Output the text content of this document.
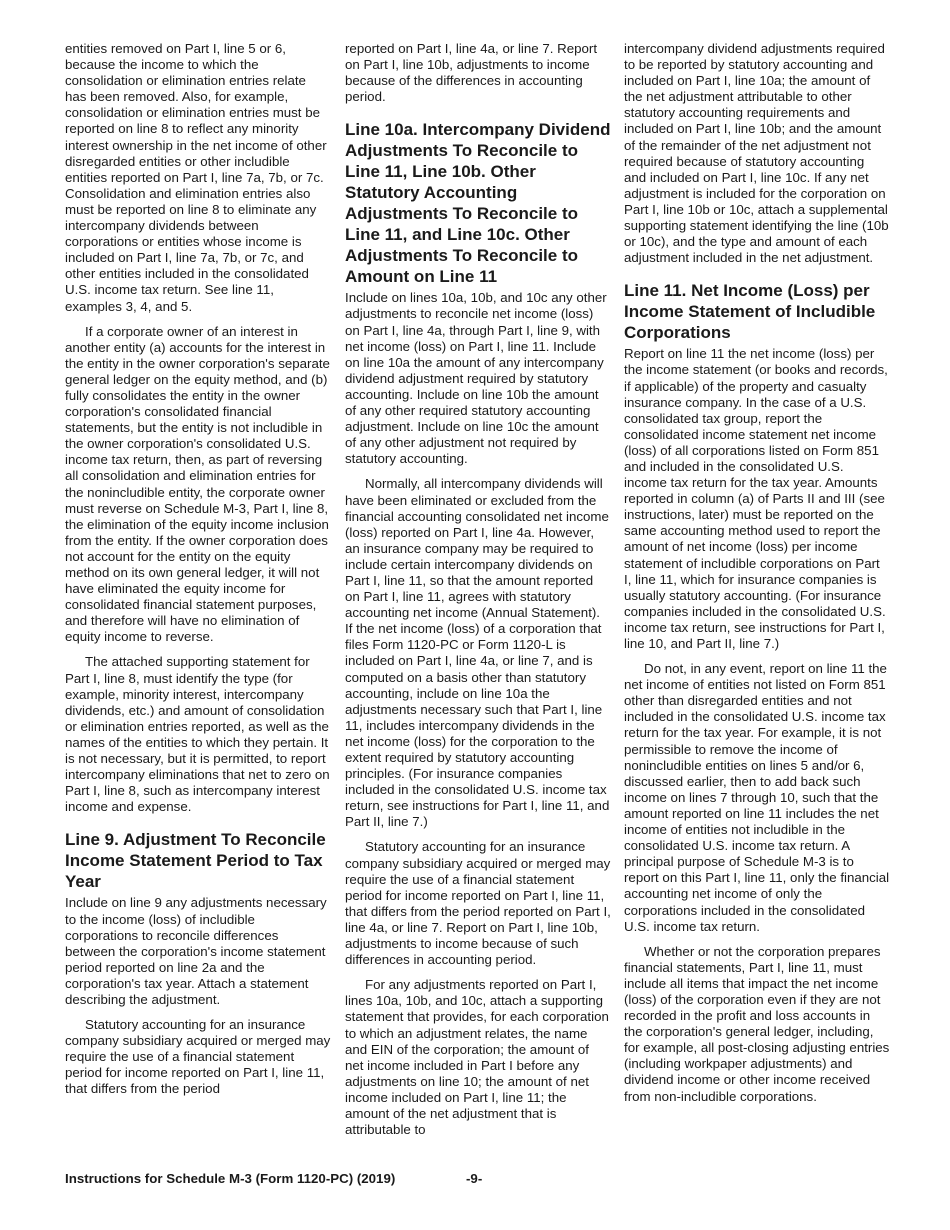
entities removed on Part I, line 5 or 6, because the income to which the consolidation or elimination entries relate has been removed. Also, for example, consolidation or elimination entries must be reported on line 8 to reflect any minority interest ownership in the net income of other disregarded entities or other includible entities reported on Part I, line 7a, 7b, or 7c. Consolidation and elimination entries also must be reported on line 8 to eliminate any intercompany dividends between corporations or entities whose income is included on Part I, line 7a, 7b, or 7c, and other entities included in the consolidated U.S. income tax return. See line 11, examples 3, 4, and 5.

If a corporate owner of an interest in another entity (a) accounts for the interest in the entity in the owner corporation's separate general ledger on the equity method, and (b) fully consolidates the entity in the owner corporation's consolidated financial statements, but the entity is not includible in the owner corporation's consolidated U.S. income tax return, then, as part of reversing all consolidation and elimination entries for the nonincludible entity, the corporate owner must reverse on Schedule M-3, Part I, line 8, the elimination of the equity income inclusion from the entity. If the owner corporation does not account for the entity on the equity method on its own general ledger, it will not have eliminated the equity income for consolidated financial statement purposes, and therefore will have no elimination of equity income to reverse.

The attached supporting statement for Part I, line 8, must identify the type (for example, minority interest, intercompany dividends, etc.) and amount of consolidation or elimination entries reported, as well as the names of the entities to which they pertain. It is not necessary, but it is permitted, to report intercompany eliminations that net to zero on Part I, line 8, such as intercompany interest income and expense.

Line 9. Adjustment To Reconcile Income Statement Period to Tax Year

Include on line 9 any adjustments necessary to the income (loss) of includible corporations to reconcile differences between the corporation's income statement period reported on line 2a and the corporation's tax year. Attach a statement describing the adjustment.

Statutory accounting for an insurance company subsidiary acquired or merged may require the use of a financial statement period for income reported on Part I, line 11, that differs from the period

reported on Part I, line 4a, or line 7. Report on Part I, line 10b, adjustments to income because of the differences in accounting period.

Line 10a. Intercompany Dividend Adjustments To Reconcile to Line 11, Line 10b. Other Statutory Accounting Adjustments To Reconcile to Line 11, and Line 10c. Other Adjustments To Reconcile to Amount on Line 11

Include on lines 10a, 10b, and 10c any other adjustments to reconcile net income (loss) on Part I, line 4a, through Part I, line 9, with net income (loss) on Part I, line 11. Include on line 10a the amount of any intercompany dividend adjustment required by statutory accounting. Include on line 10b the amount of any other required statutory accounting adjustment. Include on line 10c the amount of any other adjustment not required by statutory accounting.

Normally, all intercompany dividends will have been eliminated or excluded from the financial accounting consolidated net income (loss) reported on Part I, line 4a. However, an insurance company may be required to include certain intercompany dividends on Part I, line 11, so that the amount reported on Part I, line 11, agrees with statutory accounting net income (Annual Statement). If the net income (loss) of a corporation that files Form 1120-PC or Form 1120-L is included on Part I, line 4a, or line 7, and is computed on a basis other than statutory accounting, include on line 10a the adjustments necessary such that Part I, line 11, includes intercompany dividends in the net income (loss) for the corporation to the extent required by statutory accounting principles. (For insurance companies included in the consolidated U.S. income tax return, see instructions for Part I, line 11, and Part II, line 7.)

Statutory accounting for an insurance company subsidiary acquired or merged may require the use of a financial statement period for income reported on Part I, line 11, that differs from the period reported on Part I, line 4a, or line 7. Report on Part I, line 10b, adjustments to income because of such differences in accounting period.

For any adjustments reported on Part I, lines 10a, 10b, and 10c, attach a supporting statement that provides, for each corporation to which an adjustment relates, the name and EIN of the corporation; the amount of net income included in Part I before any adjustments on line 10; the amount of net income included on Part I, line 11; the amount of the net adjustment that is attributable to

intercompany dividend adjustments required to be reported by statutory accounting and included on Part I, line 10a; the amount of the net adjustment attributable to other statutory accounting requirements and included on Part I, line 10b; and the amount of the remainder of the net adjustment not required because of statutory accounting and included on Part I, line 10c. If any net adjustment is included for the corporation on Part I, line 10b or 10c, attach a supplemental supporting statement identifying the line (10b or 10c), and the type and amount of each adjustment included in the net adjustment.

Line 11. Net Income (Loss) per Income Statement of Includible Corporations

Report on line 11 the net income (loss) per the income statement (or books and records, if applicable) of the property and casualty insurance company. In the case of a U.S. consolidated tax group, report the consolidated income statement net income (loss) of all corporations listed on Form 851 and included in the consolidated U.S. income tax return for the tax year. Amounts reported in column (a) of Parts II and III (see instructions, later) must be reported on the same accounting method used to report the amount of net income (loss) per income statement of includible corporations on Part I, line 11, which for insurance companies is usually statutory accounting. (For insurance companies included in the consolidated U.S. income tax return, see instructions for Part I, line 10, and Part II, line 7.)

Do not, in any event, report on line 11 the net income of entities not listed on Form 851 other than disregarded entities and not included in the consolidated U.S. income tax return for the tax year. For example, it is not permissible to remove the income of nonincludible entities on lines 5 and/or 6, discussed earlier, then to add back such income on lines 7 through 10, such that the amount reported on line 11 includes the net income of entities not includible in the consolidated U.S. income tax return. A principal purpose of Schedule M-3 is to report on this Part I, line 11, only the financial accounting net income of only the corporations included in the consolidated U.S. income tax return.

Whether or not the corporation prepares financial statements, Part I, line 11, must include all items that impact the net income (loss) of the corporation even if they are not recorded in the profit and loss accounts in the corporation's general ledger, including, for example, all post-closing adjusting entries (including workpaper adjustments) and dividend income or other income received from non-includible corporations.

Instructions for Schedule M-3 (Form 1120-PC) (2019)	-9-
